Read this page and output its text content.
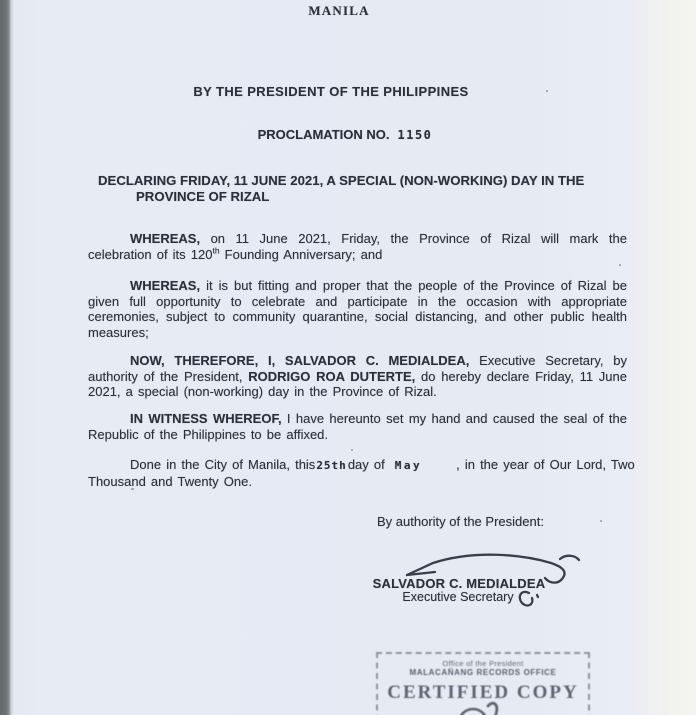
MANILA
BY THE PRESIDENT OF THE PHILIPPINES
PROCLAMATION NO. 1150
DECLARING FRIDAY, 11 JUNE 2021, A SPECIAL (NON-WORKING) DAY IN THE
PROVINCE OF RIZAL

WHEREAS, on 11 June 2021, Friday, the Province of Rizal will mark the celebration of its 120th Founding Anniversary; and

WHEREAS, it is but fitting and proper that the people of the Province of Rizal be given full opportunity to celebrate and participate in the occasion with appropriate ceremonies, subject to community quarantine, social distancing, and other public health measures;

NOW, THEREFORE, I, SALVADOR C. MEDIALDEA, Executive Secretary, by authority of the President, RODRIGO ROA DUTERTE, do hereby declare Friday, 11 June 2021, a special (non-working) day in the Province of Rizal.

IN WITNESS WHEREOF, I have hereunto set my hand and caused the seal of the Republic of the Philippines to be affixed.

Done in the City of Manila, this25thday of May	, in the year of Our Lord, Two Thousand and Twenty One.

By authority of the President:
SALVADOR C. MEDIALDEA
Executive Secretary
Office of the President
MALACAÑANG RECORDS OFFICE
CERTIFIED COPY
